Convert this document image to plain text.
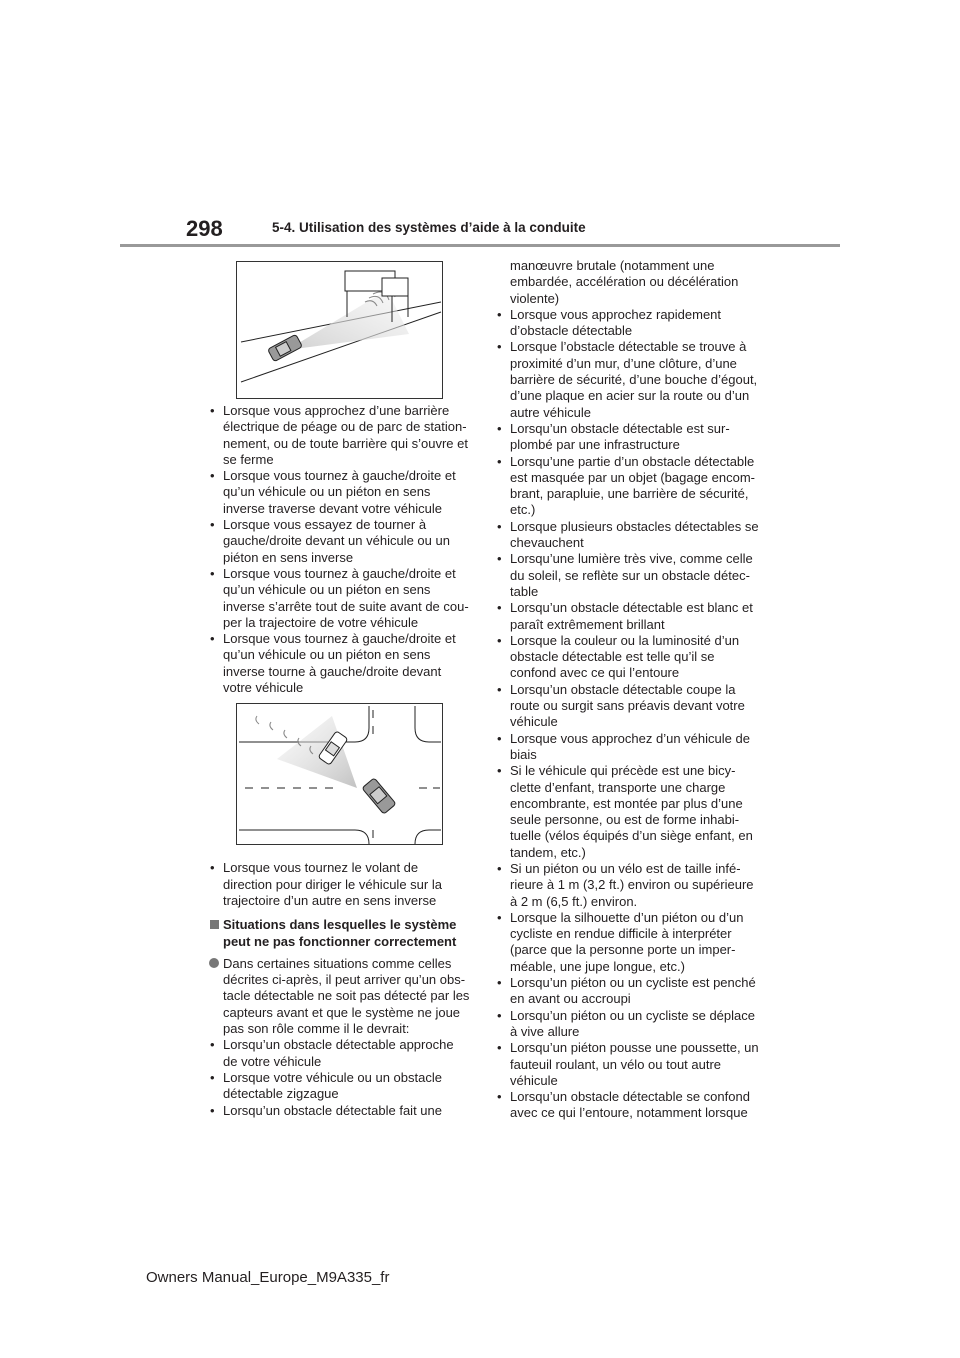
298	5-4. Utilisation des systèmes d’aide à la conduite
• Lorsque vous approchez d’une barrière électrique de péage ou de parc de station-nement, ou de toute barrière qui s’ouvre et se ferme
• Lorsque vous tournez à gauche/droite et qu’un véhicule ou un piéton en sens inverse traverse devant votre véhicule
• Lorsque vous essayez de tourner à gauche/droite devant un véhicule ou un piéton en sens inverse
• Lorsque vous tournez à gauche/droite et qu’un véhicule ou un piéton en sens inverse s’arrête tout de suite avant de cou-per la trajectoire de votre véhicule
• Lorsque vous tournez à gauche/droite et qu’un véhicule ou un piéton en sens inverse tourne à gauche/droite devant votre véhicule
• Lorsque vous tournez le volant de direction pour diriger le véhicule sur la trajectoire d’un autre en sens inverse
Situations dans lesquelles le système peut ne pas fonctionner correctement
Dans certaines situations comme celles décrites ci-après, il peut arriver qu’un obs-tacle détectable ne soit pas détecté par les capteurs avant et que le système ne joue pas son rôle comme il le devrait:
• Lorsqu’un obstacle détectable approche de votre véhicule
• Lorsque votre véhicule ou un obstacle détectable zigzague
• Lorsqu’un obstacle détectable fait une
manœuvre brutale (notamment une embardée, accélération ou décélération violente)
• Lorsque vous approchez rapidement d’obstacle détectable
• Lorsque l’obstacle détectable se trouve à proximité d’un mur, d’une clôture, d’une barrière de sécurité, d’une bouche d’égout, d’une plaque en acier sur la route ou d’un autre véhicule
• Lorsqu’un obstacle détectable est sur-plombé par une infrastructure
• Lorsqu’une partie d’un obstacle détectable est masquée par un objet (bagage encom-brant, parapluie, une barrière de sécurité, etc.)
• Lorsque plusieurs obstacles détectables se chevauchent
• Lorsqu’une lumière très vive, comme celle du soleil, se reflète sur un obstacle détec-table
• Lorsqu’un obstacle détectable est blanc et paraît extrêmement brillant
• Lorsque la couleur ou la luminosité d’un obstacle détectable est telle qu’il se confond avec ce qui l’entoure
• Lorsqu’un obstacle détectable coupe la route ou surgit sans préavis devant votre véhicule
• Lorsque vous approchez d’un véhicule de biais
• Si le véhicule qui précède est une bicy-clette d’enfant, transporte une charge encombrante, est montée par plus d’une seule personne, ou est de forme inhabi-tuelle (vélos équipés d’un siège enfant, en tandem, etc.)
• Si un piéton ou un vélo est de taille infé-rieure à 1 m (3,2 ft.) environ ou supérieure à 2 m (6,5 ft.) environ.
• Lorsque la silhouette d’un piéton ou d’un cycliste en rendue difficile à interpréter (parce que la personne porte un imper-méable, une jupe longue, etc.)
• Lorsqu’un piéton ou un cycliste est penché en avant ou accroupi
• Lorsqu’un piéton ou un cycliste se déplace à vive allure
• Lorsqu’un piéton pousse une poussette, un fauteuil roulant, un vélo ou tout autre véhicule
• Lorsqu’un obstacle détectable se confond avec ce qui l’entoure, notamment lorsque
Owners Manual_Europe_M9A335_fr
